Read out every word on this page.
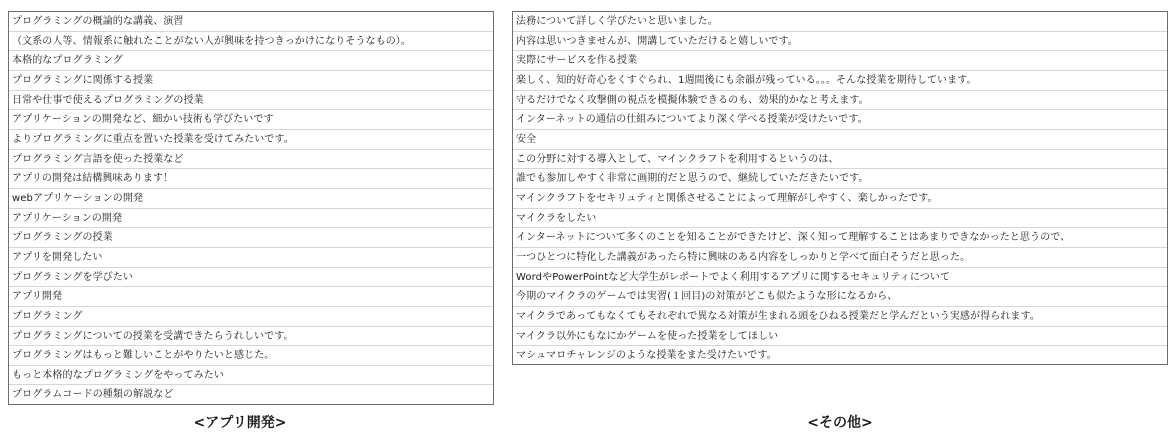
プログラミングの概論的な講義、演習
（文系の人等、情報系に触れたことがない人が興味を持つきっかけになりそうなもの）。
本格的なプログラミング
プログラミングに関係する授業
日常や仕事で使えるプログラミングの授業
アプリケーションの開発など、細かい技術も学びたいです
よりプログラミングに重点を置いた授業を受けてみたいです。
プログラミング言語を使った授業など
アプリの開発は結構興味あります！
webアプリケーションの開発
アプリケーションの開発
プログラミングの授業
アプリを開発したい
プログラミングを学びたい
アプリ開発
プログラミング
プログラミングについての授業を受講できたらうれしいです。
プログラミングはもっと難しいことがやりたいと感じた。
もっと本格的なプログラミングをやってみたい
プログラムコードの種類の解説など
法務について詳しく学びたいと思いました。
内容は思いつきませんが、開講していただけると嬉しいです。
実際にサービスを作る授業
楽しく、知的好奇心をくすぐられ、1週間後にも余韻が残っている。。。そんな授業を期待しています。
守るだけでなく攻撃側の視点を模擬体験できるのも、効果的かなと考えます。
インターネットの通信の仕組みについてより深く学べる授業が受けたいです。
安全
この分野に対する導入として、マインクラフトを利用するというのは、
誰でも参加しやすく非常に画期的だと思うので、継続していただきたいです。
マインクラフトをセキリュティと関係させることによって理解がしやすく、楽しかったです。
マイクラをしたい
インターネットについて多くのことを知ることができたけど、深く知って理解することはあまりできなかったと思うので、
一つひとつに特化した講義があったら特に興味のある内容をしっかりと学べて面白そうだと思った。
WordやPowerPointなど大学生がレポートでよく利用するアプリに関するセキュリティについて
今期のマイクラのゲームでは実習(１回目)の対策がどこも似たような形になるから、
マイクラであってもなくてもそれぞれで異なる対策が生まれる頭をひねる授業だと学んだという実感が得られます。
マイクラ以外にもなにかゲームを使った授業をしてほしい
マシュマロチャレンジのような授業をまた受けたいです。
<アプリ開発>	<その他>
